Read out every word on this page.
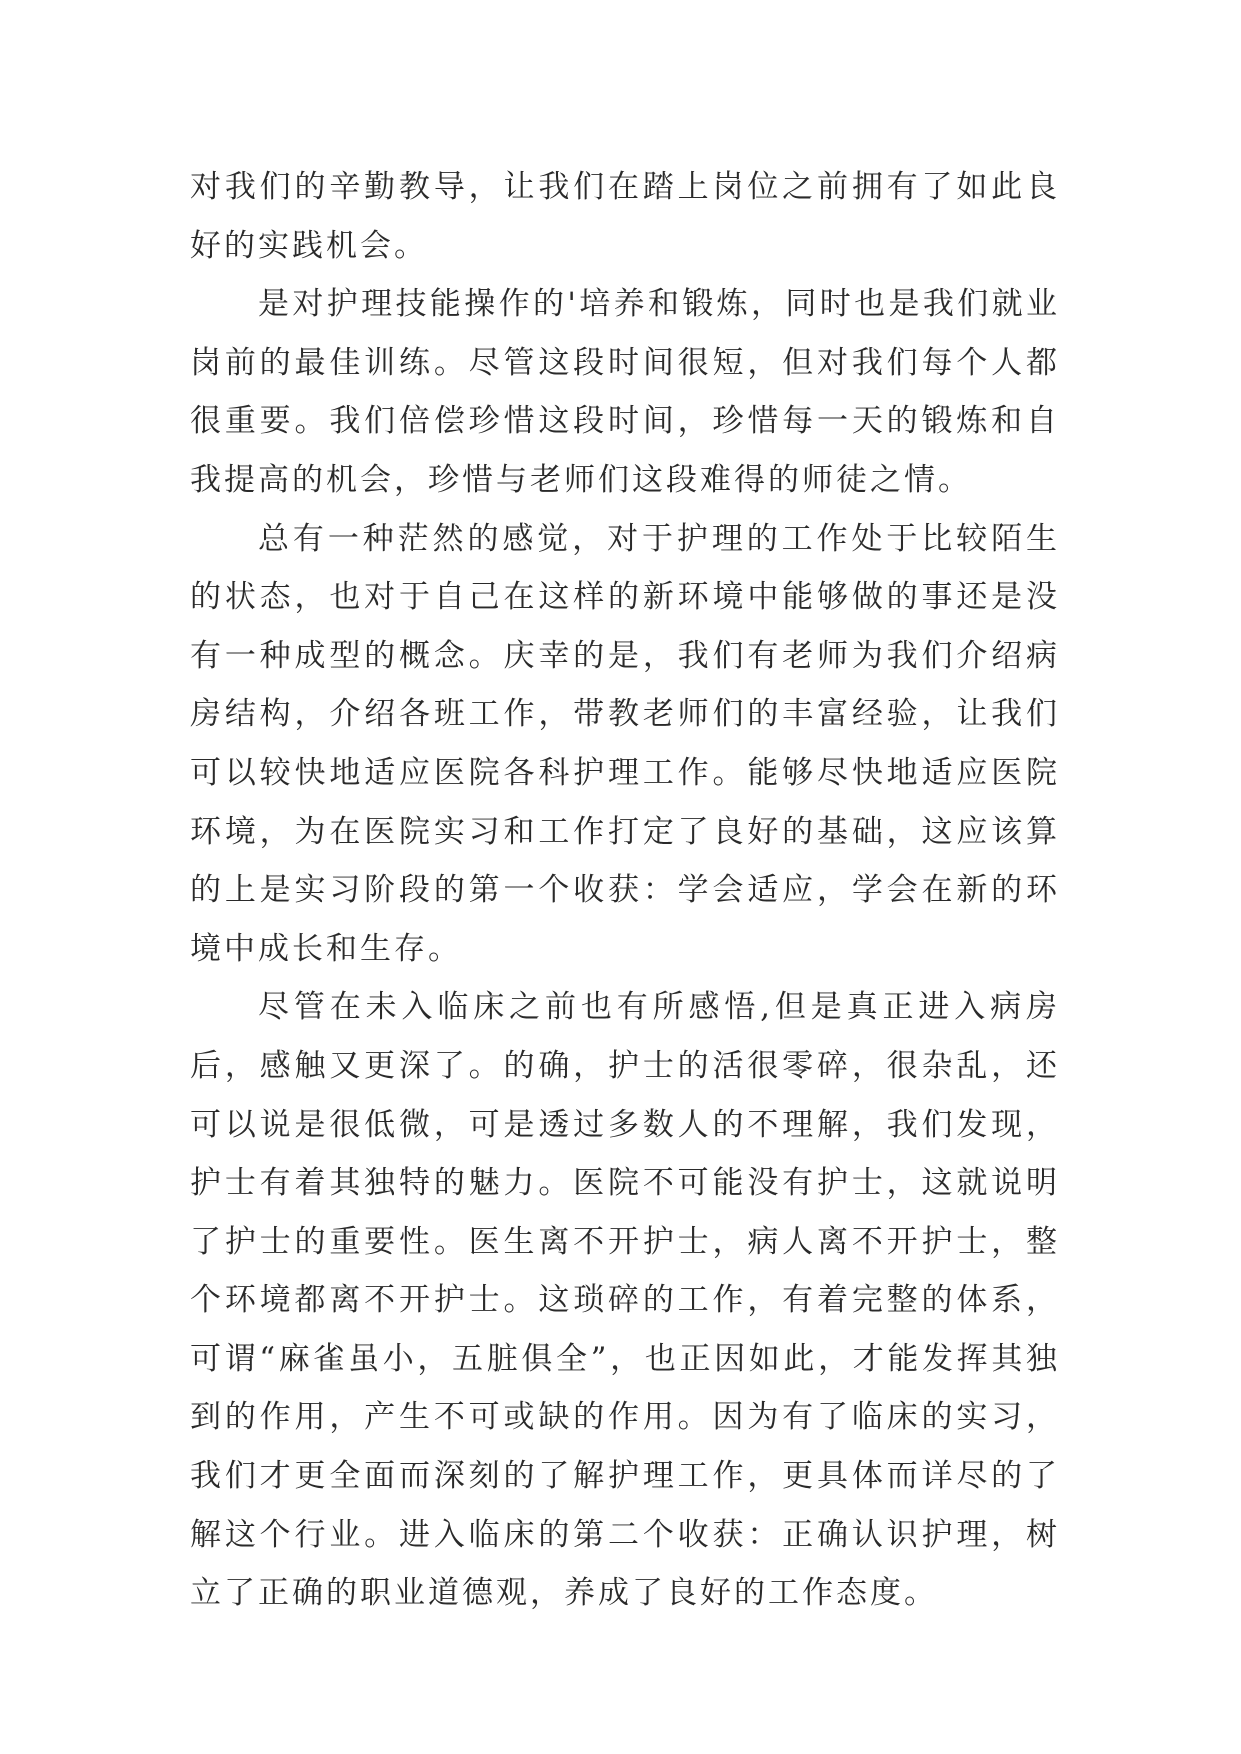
对我们的辛勤教导，让我们在踏上岗位之前拥有了如此良好的实践机会。

是对护理技能操作的'培养和锻炼，同时也是我们就业岗前的最佳训练。尽管这段时间很短，但对我们每个人都很重要。我们倍偿珍惜这段时间，珍惜每一天的锻炼和自我提高的机会，珍惜与老师们这段难得的师徒之情。

总有一种茫然的感觉，对于护理的工作处于比较陌生的状态，也对于自己在这样的新环境中能够做的事还是没有一种成型的概念。庆幸的是，我们有老师为我们介绍病房结构，介绍各班工作，带教老师们的丰富经验，让我们可以较快地适应医院各科护理工作。能够尽快地适应医院环境，为在医院实习和工作打定了良好的基础，这应该算的上是实习阶段的第一个收获：学会适应，学会在新的环境中成长和生存。

尽管在未入临床之前也有所感悟,但是真正进入病房后，感触又更深了。的确，护士的活很零碎，很杂乱，还可以说是很低微，可是透过多数人的不理解，我们发现，护士有着其独特的魅力。医院不可能没有护士，这就说明了护士的重要性。医生离不开护士，病人离不开护士，整个环境都离不开护士。这琐碎的工作，有着完整的体系，可谓“麻雀虽小，五脏俱全”，也正因如此，才能发挥其独到的作用，产生不可或缺的作用。因为有了临床的实习，我们才更全面而深刻的了解护理工作，更具体而详尽的了解这个行业。进入临床的第二个收获：正确认识护理，树立了正确的职业道德观，养成了良好的工作态度。
